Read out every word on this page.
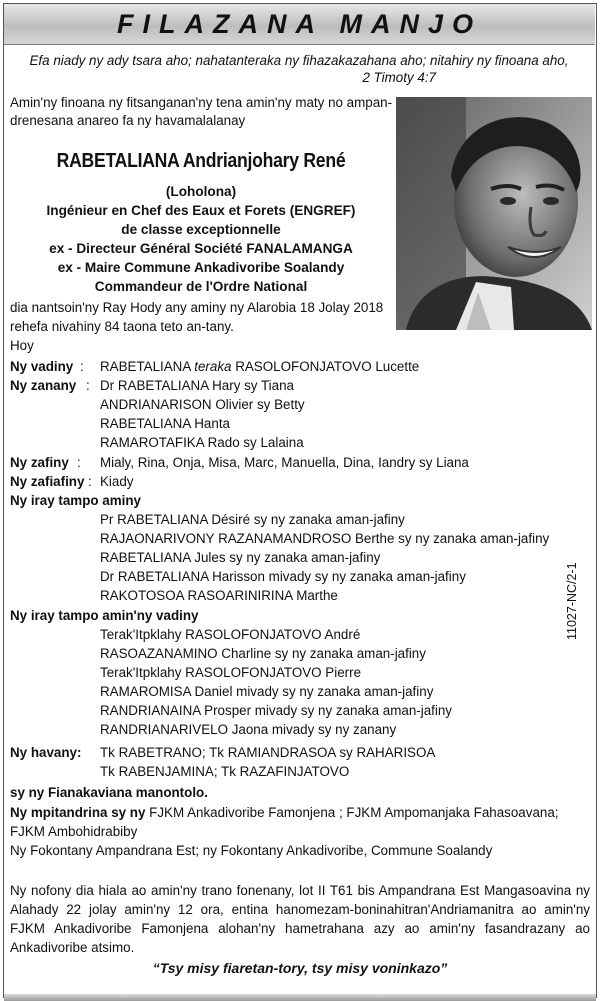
FILAZANA MANJO
Efa niady ny ady tsara aho; nahatanteraka ny fihazakazahana aho; nitahiry ny finoana aho,
2 Timoty 4:7
Amin'ny finoana ny fitsanganan'ny tena amin'ny maty no ampan-
drenesana anareo fa ny havamalalanay
RABETALIANA Andrianjohary René
(Loholona)
Ingénieur en Chef des Eaux et Forets (ENGREF)
de classe exceptionnelle
ex - Directeur Général Société FANALAMANGA
ex - Maire Commune Ankadivoribe Soalandy
Commandeur de l'Ordre National
dia nantsoin'ny Ray Hody any aminy ny Alarobia 18 Jolay 2018
rehefa nivahiny 84 taona teto an-tany.
Hoy
Ny vadiny : RABETALIANA teraka RASOLOFONJATOVO Lucette
Ny zanany : Dr RABETALIANA Hary sy Tiana
ANDRIANARISON Olivier sy Betty
RABETALIANA Hanta
RAMAROTAFIKA Rado sy Lalaina
Ny zafiny : Mialy, Rina, Onja, Misa, Marc, Manuella, Dina, Iandry sy Liana
Ny zafiafiny : Kiady
Ny iray tampo aminy
Pr RABETALIANA Désiré sy ny zanaka aman-jafiny
RAJAONARIVONY RAZANAMANDROSO Berthe sy ny zanaka aman-jafiny
RABETALIANA Jules sy ny zanaka aman-jafiny
Dr RABETALIANA Harisson mivady sy ny zanaka aman-jafiny
RAKOTOSOA RASOARINIRINA Marthe
Ny iray tampo amin'ny vadiny
Terak'Itpklahy RASOLOFONJATOVO André
RASOAZANAMINO Charline sy ny zanaka aman-jafiny
Terak'Itpklahy RASOLOFONJATOVO Pierre
RAMAROMISA Daniel mivady sy ny zanaka aman-jafiny
RANDRIANAINA Prosper mivady sy ny zanaka aman-jafiny
RANDRIANARIVELO Jaona mivady sy ny zanany
Ny havany: Tk RABETRANO; Tk RAMIANDRASOA sy RAHARISOA
Tk RABENJAMINA; Tk RAZAFINJATOVO
sy ny Fianakaviana manontolo.
Ny mpitandrina sy ny FJKM Ankadivoribe Famonjena ; FJKM Ampomanjaka Fahasoavana;
FJKM Ambohidrabiby
Ny Fokontany Ampandrana Est; ny Fokontany Ankadivoribe, Commune Soalandy
Ny nofony dia hiala ao amin'ny trano fonenany, lot II T61 bis Ampandrana Est Mangasoavina ny Alahady 22 jolay amin'ny 12 ora, entina hanomezam-boninahitran'Andriamanitra ao amin'ny FJKM Ankadivoribe Famonjena alohan'ny hametrahana azy ao amin'ny fasandrazany ao Ankadivoribe atsimo.
“Tsy misy fiaretan-tory, tsy misy voninkazo”
11027-NC/2-1
